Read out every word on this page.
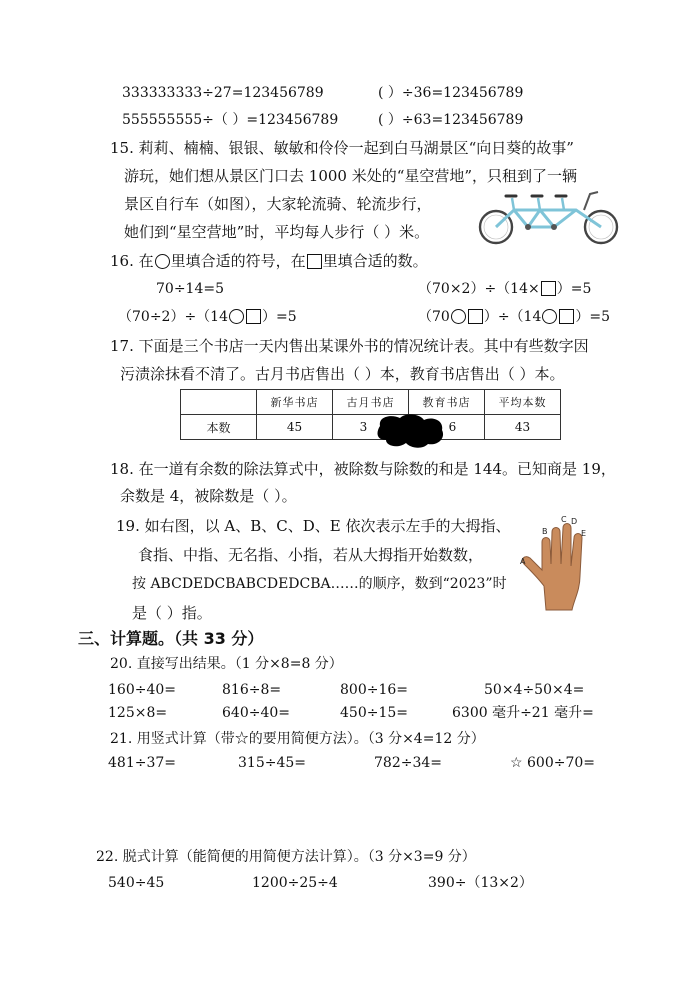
333333333÷27=123456789	( ）÷36=123456789
555555555÷（ ）=123456789	( ）÷63=123456789
15. 莉莉、楠楠、银银、敏敏和伶伶一起到白马湖景区“向日葵的故事”
游玩，她们想从景区门口去 1000 米处的“星空营地”，只租到了一辆
景区自行车（如图），大家轮流骑、轮流步行，
她们到“星空营地”时，平均每人步行（ ）米。
16. 在 里填合适的符号，在 里填合适的数。
70÷14=5	（70×2）÷（14× ）=5
（70÷2）÷（14 ）=5	（70 ）÷（14 ）=5
17. 下面是三个书店一天内售出某课外书的情况统计表。其中有些数字因
污渍涂抹看不清了。古月书店售出（ ）本，教育书店售出（ ）本。
	新华书店	古月书店	教育书店	平均本数
本数	45	3	6	43
18. 在一道有余数的除法算式中，被除数与除数的和是 144。已知商是 19，
余数是 4，被除数是（ ）。
19. 如右图，以 A、B、C、D、E 依次表示左手的大拇指、
食指、中指、无名指、小指，若从大拇指开始数数，
按 ABCDEDCBABCDEDCBA……的顺序，数到“2023”时
是（ ）指。
A
B
C D
E
三、计算题。（共 33 分）
20. 直接写出结果。（1 分×8=8 分）
160÷40=	816÷8=	800÷16=	50×4÷50×4=
125×8=	640÷40=	450÷15=	6300 毫升÷21 毫升=
21. 用竖式计算（带☆的要用简便方法）。（3 分×4=12 分）
481÷37=	315÷45=	782÷34=	☆ 600÷70=
22. 脱式计算（能简便的用简便方法计算）。（3 分×3=9 分）
540÷45	1200÷25÷4	390÷（13×2）
